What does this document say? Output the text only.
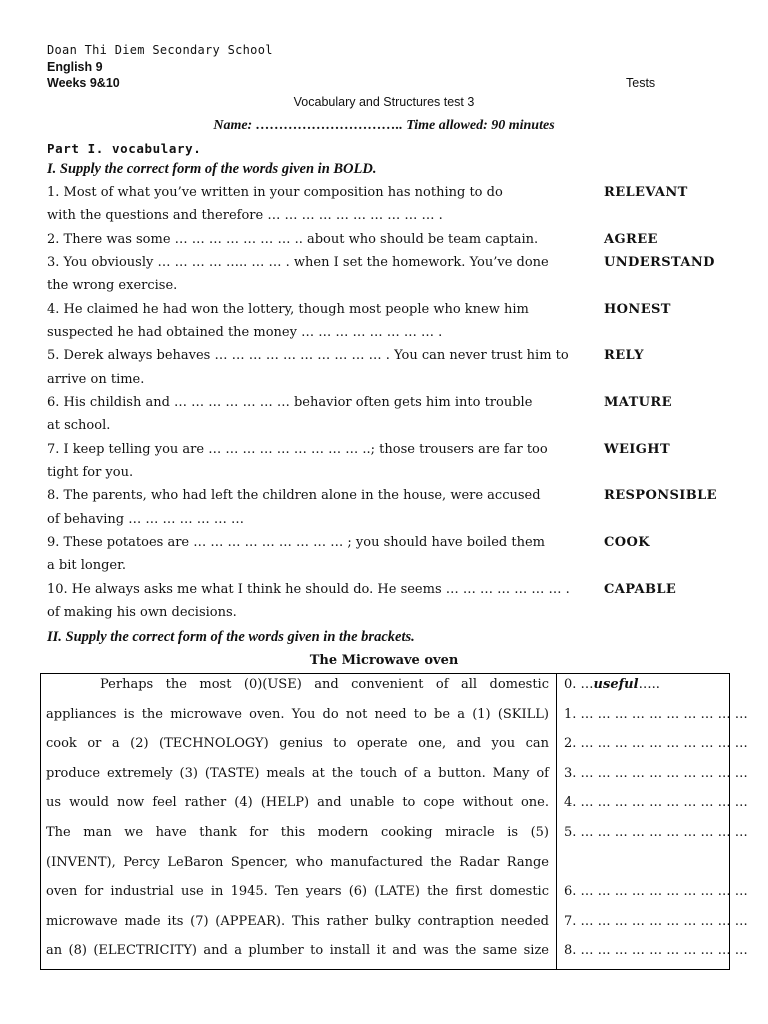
Doan Thi Diem Secondary School
English 9
Weeks 9&10	Tests
Vocabulary and Structures test 3
Name: ………………………….. Time allowed: 90 minutes
Part I. vocabulary.
I. Supply the correct form of the words given in BOLD.
1. Most of what you’ve written in your composition has nothing to do
with the questions and therefore … … … … … … … … … … .
RELEVANT
2. There was some … … … … … … … .. about who should be team captain.	AGREE
3. You obviously … … … … ….. … … . when I set the homework. You’ve done
the wrong exercise.
UNDERSTAND
4. He claimed he had won the lottery, though most people who knew him
suspected he had obtained the money … … … … … … … … .
HONEST
5. Derek always behaves … … … … … … … … … … . You can never trust him to
arrive on time.
RELY
6. His childish and … … … … … … … behavior often gets him into trouble
at school.
MATURE
7. I keep telling you are … … … … … … … … … ..; those trousers are far too
tight for you.
WEIGHT
8. The parents, who had left the children alone in the house, were accused
of behaving … … … … … … …
RESPONSIBLE
9. These potatoes are … … … … … … … … … ; you should have boiled them
a bit longer.
COOK
10. He always asks me what I think he should do. He seems … … … … … … … .
of making his own decisions.
CAPABLE
II. Supply the correct form of the words given in the brackets.
The Microwave oven
Perhaps the most (0)(USE) and convenient of all domestic
appliances is the microwave oven. You do not need to be a (1) (SKILL)
cook or a (2) (TECHNOLOGY) genius to operate one, and you can
produce extremely (3) (TASTE) meals at the touch of a button. Many of
us would now feel rather (4) (HELP) and unable to cope without one.
The man we have thank for this modern cooking miracle is (5)
(INVENT), Percy LeBaron Spencer, who manufactured the Radar Range
oven for industrial use in 1945. Ten years (6) (LATE) the first domestic
microwave made its (7) (APPEAR). This rather bulky contraption needed
an (8) (ELECTRICITY) and a plumber to install it and was the same size
0. …useful…..
1. … … … … … … … … … …
2. … … … … … … … … … …
3. … … … … … … … … … …
4. … … … … … … … … … …
5. … … … … … … … … … …
6. … … … … … … … … … …
7. … … … … … … … … … …
8. … … … … … … … … … …
